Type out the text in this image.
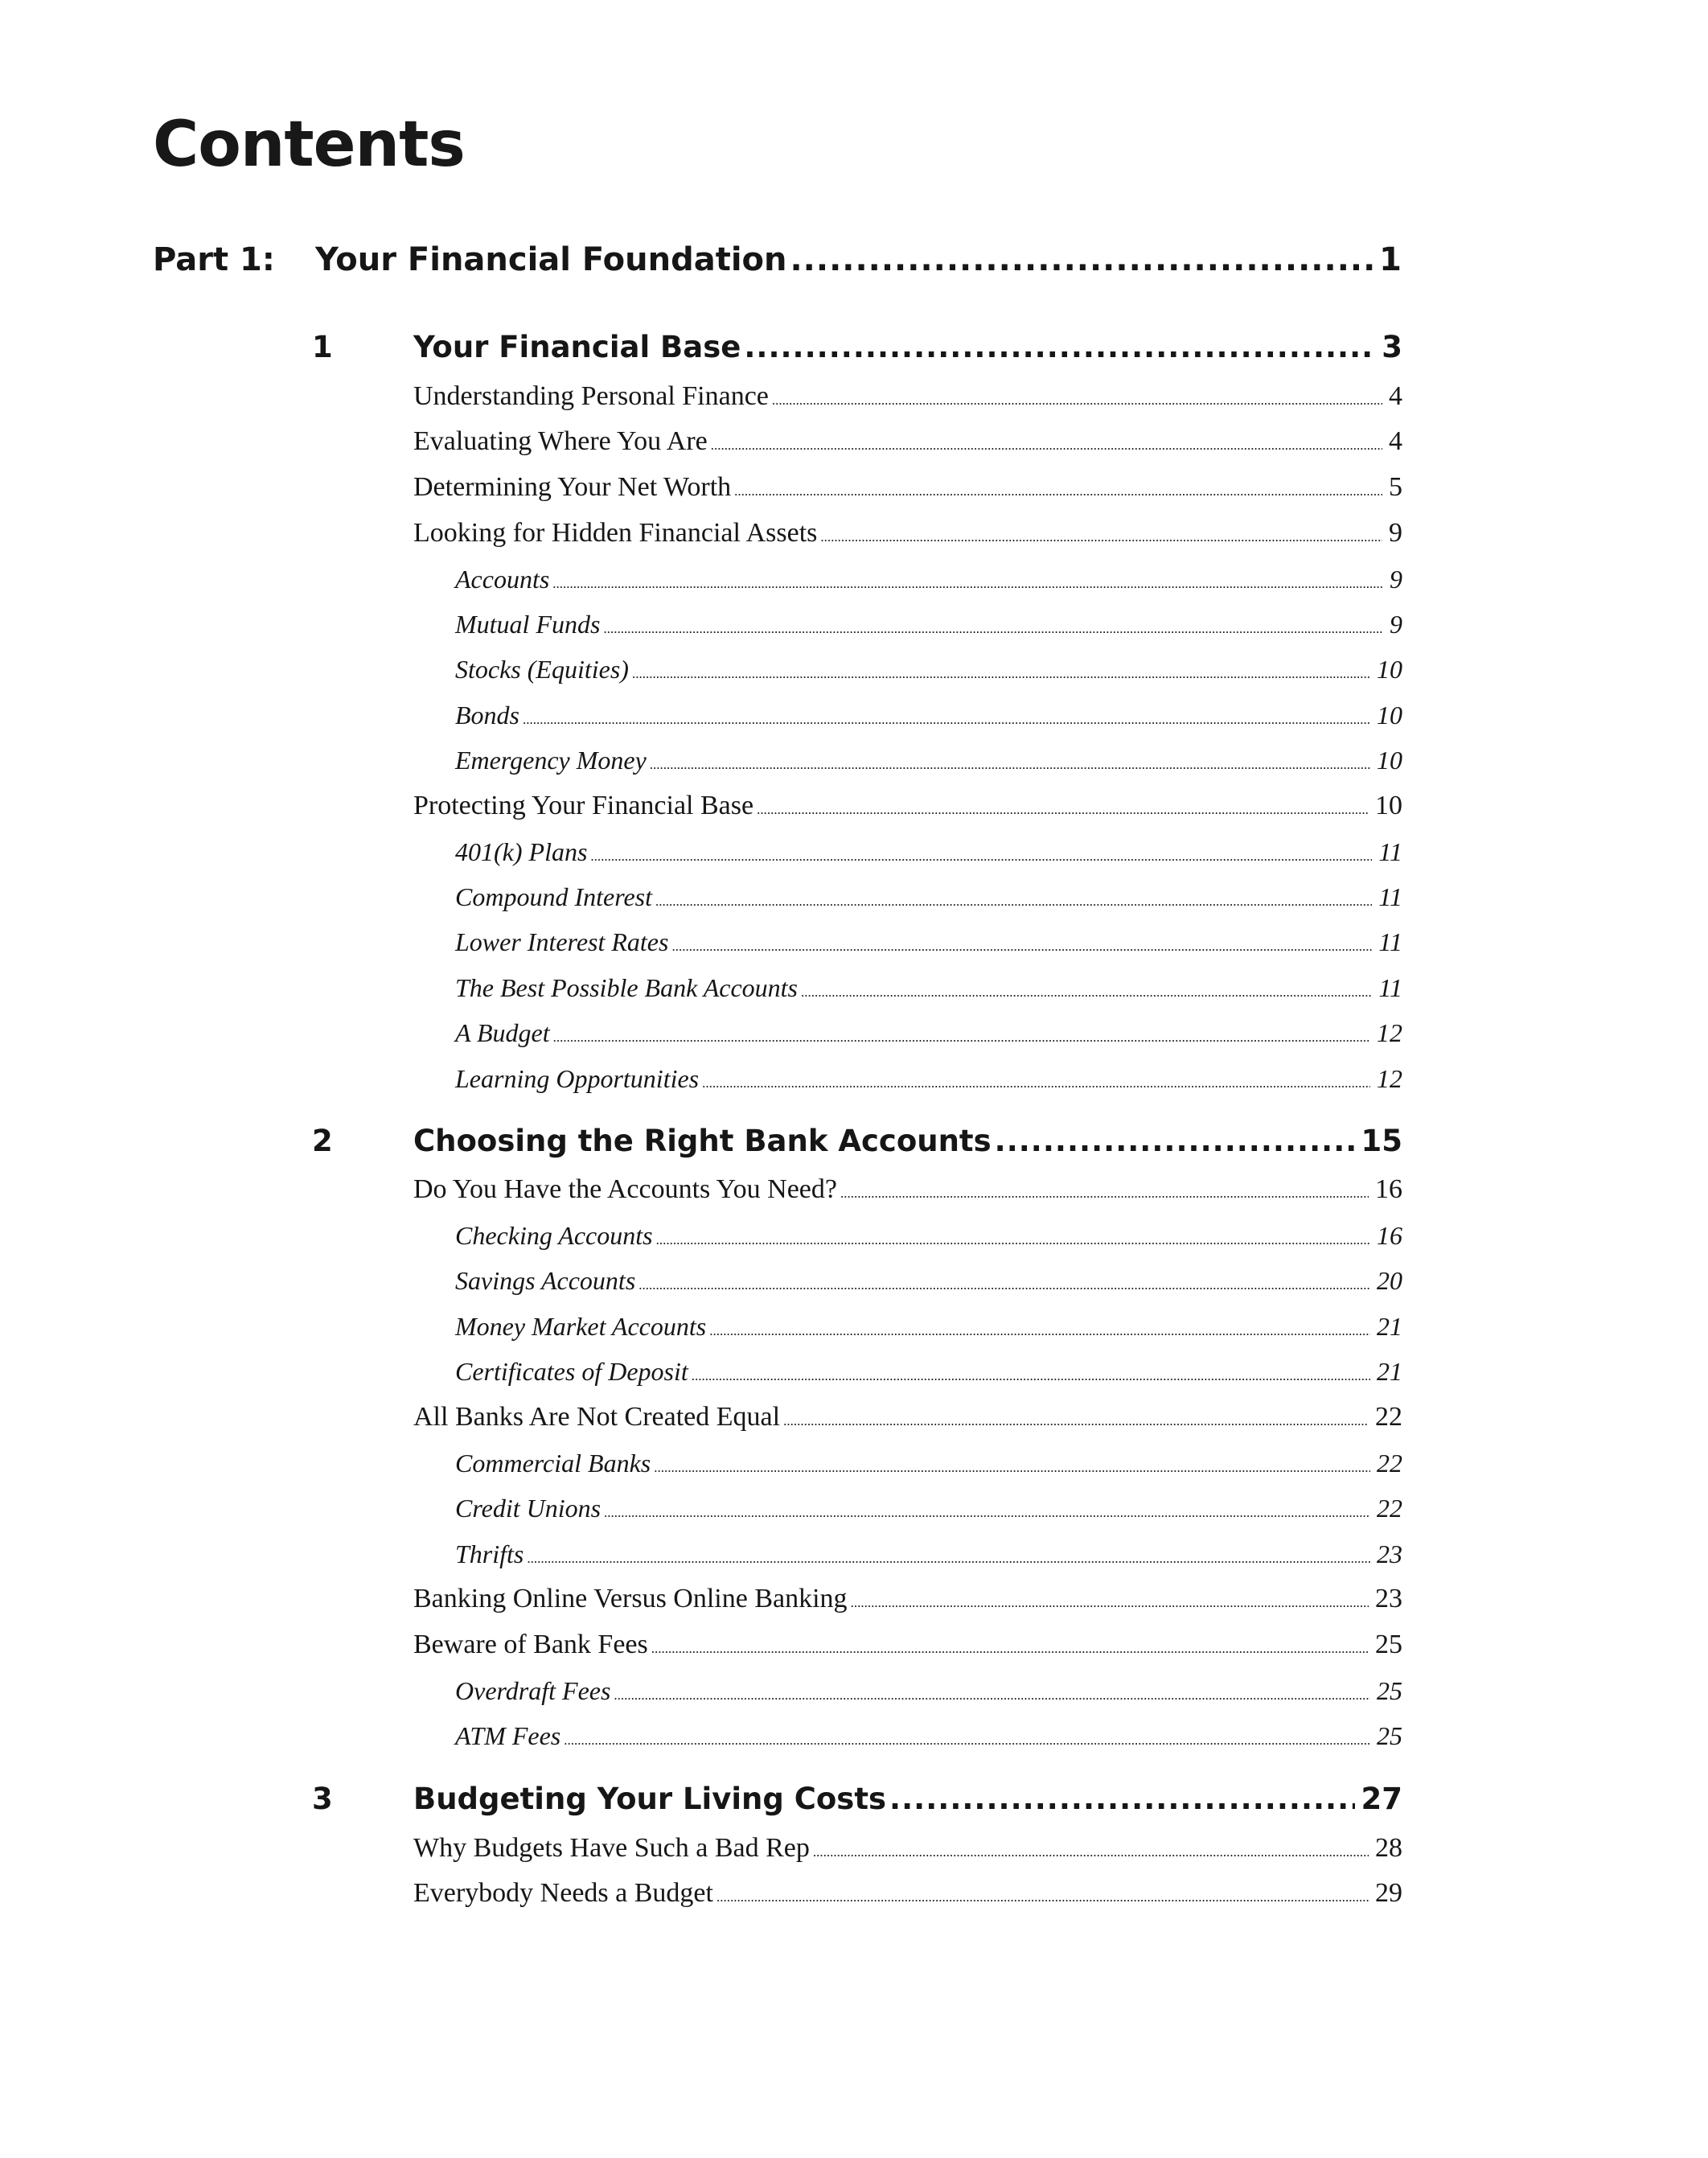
Contents
Part 1:	Your Financial Foundation .....	1
1	Your Financial Base .....	3
Understanding Personal Finance .....	4
Evaluating Where You Are .....	4
Determining Your Net Worth .....	5
Looking for Hidden Financial Assets .....	9
Accounts .....	9
Mutual Funds .....	9
Stocks (Equities) .....	10
Bonds .....	10
Emergency Money .....	10
Protecting Your Financial Base .....	10
401(k) Plans .....	11
Compound Interest .....	11
Lower Interest Rates .....	11
The Best Possible Bank Accounts .....	11
A Budget .....	12
Learning Opportunities .....	12
2	Choosing the Right Bank Accounts .....	15
Do You Have the Accounts You Need? .....	16
Checking Accounts .....	16
Savings Accounts .....	20
Money Market Accounts .....	21
Certificates of Deposit .....	21
All Banks Are Not Created Equal .....	22
Commercial Banks .....	22
Credit Unions .....	22
Thrifts .....	23
Banking Online Versus Online Banking .....	23
Beware of Bank Fees .....	25
Overdraft Fees .....	25
ATM Fees .....	25
3	Budgeting Your Living Costs .....	27
Why Budgets Have Such a Bad Rep .....	28
Everybody Needs a Budget .....	29
